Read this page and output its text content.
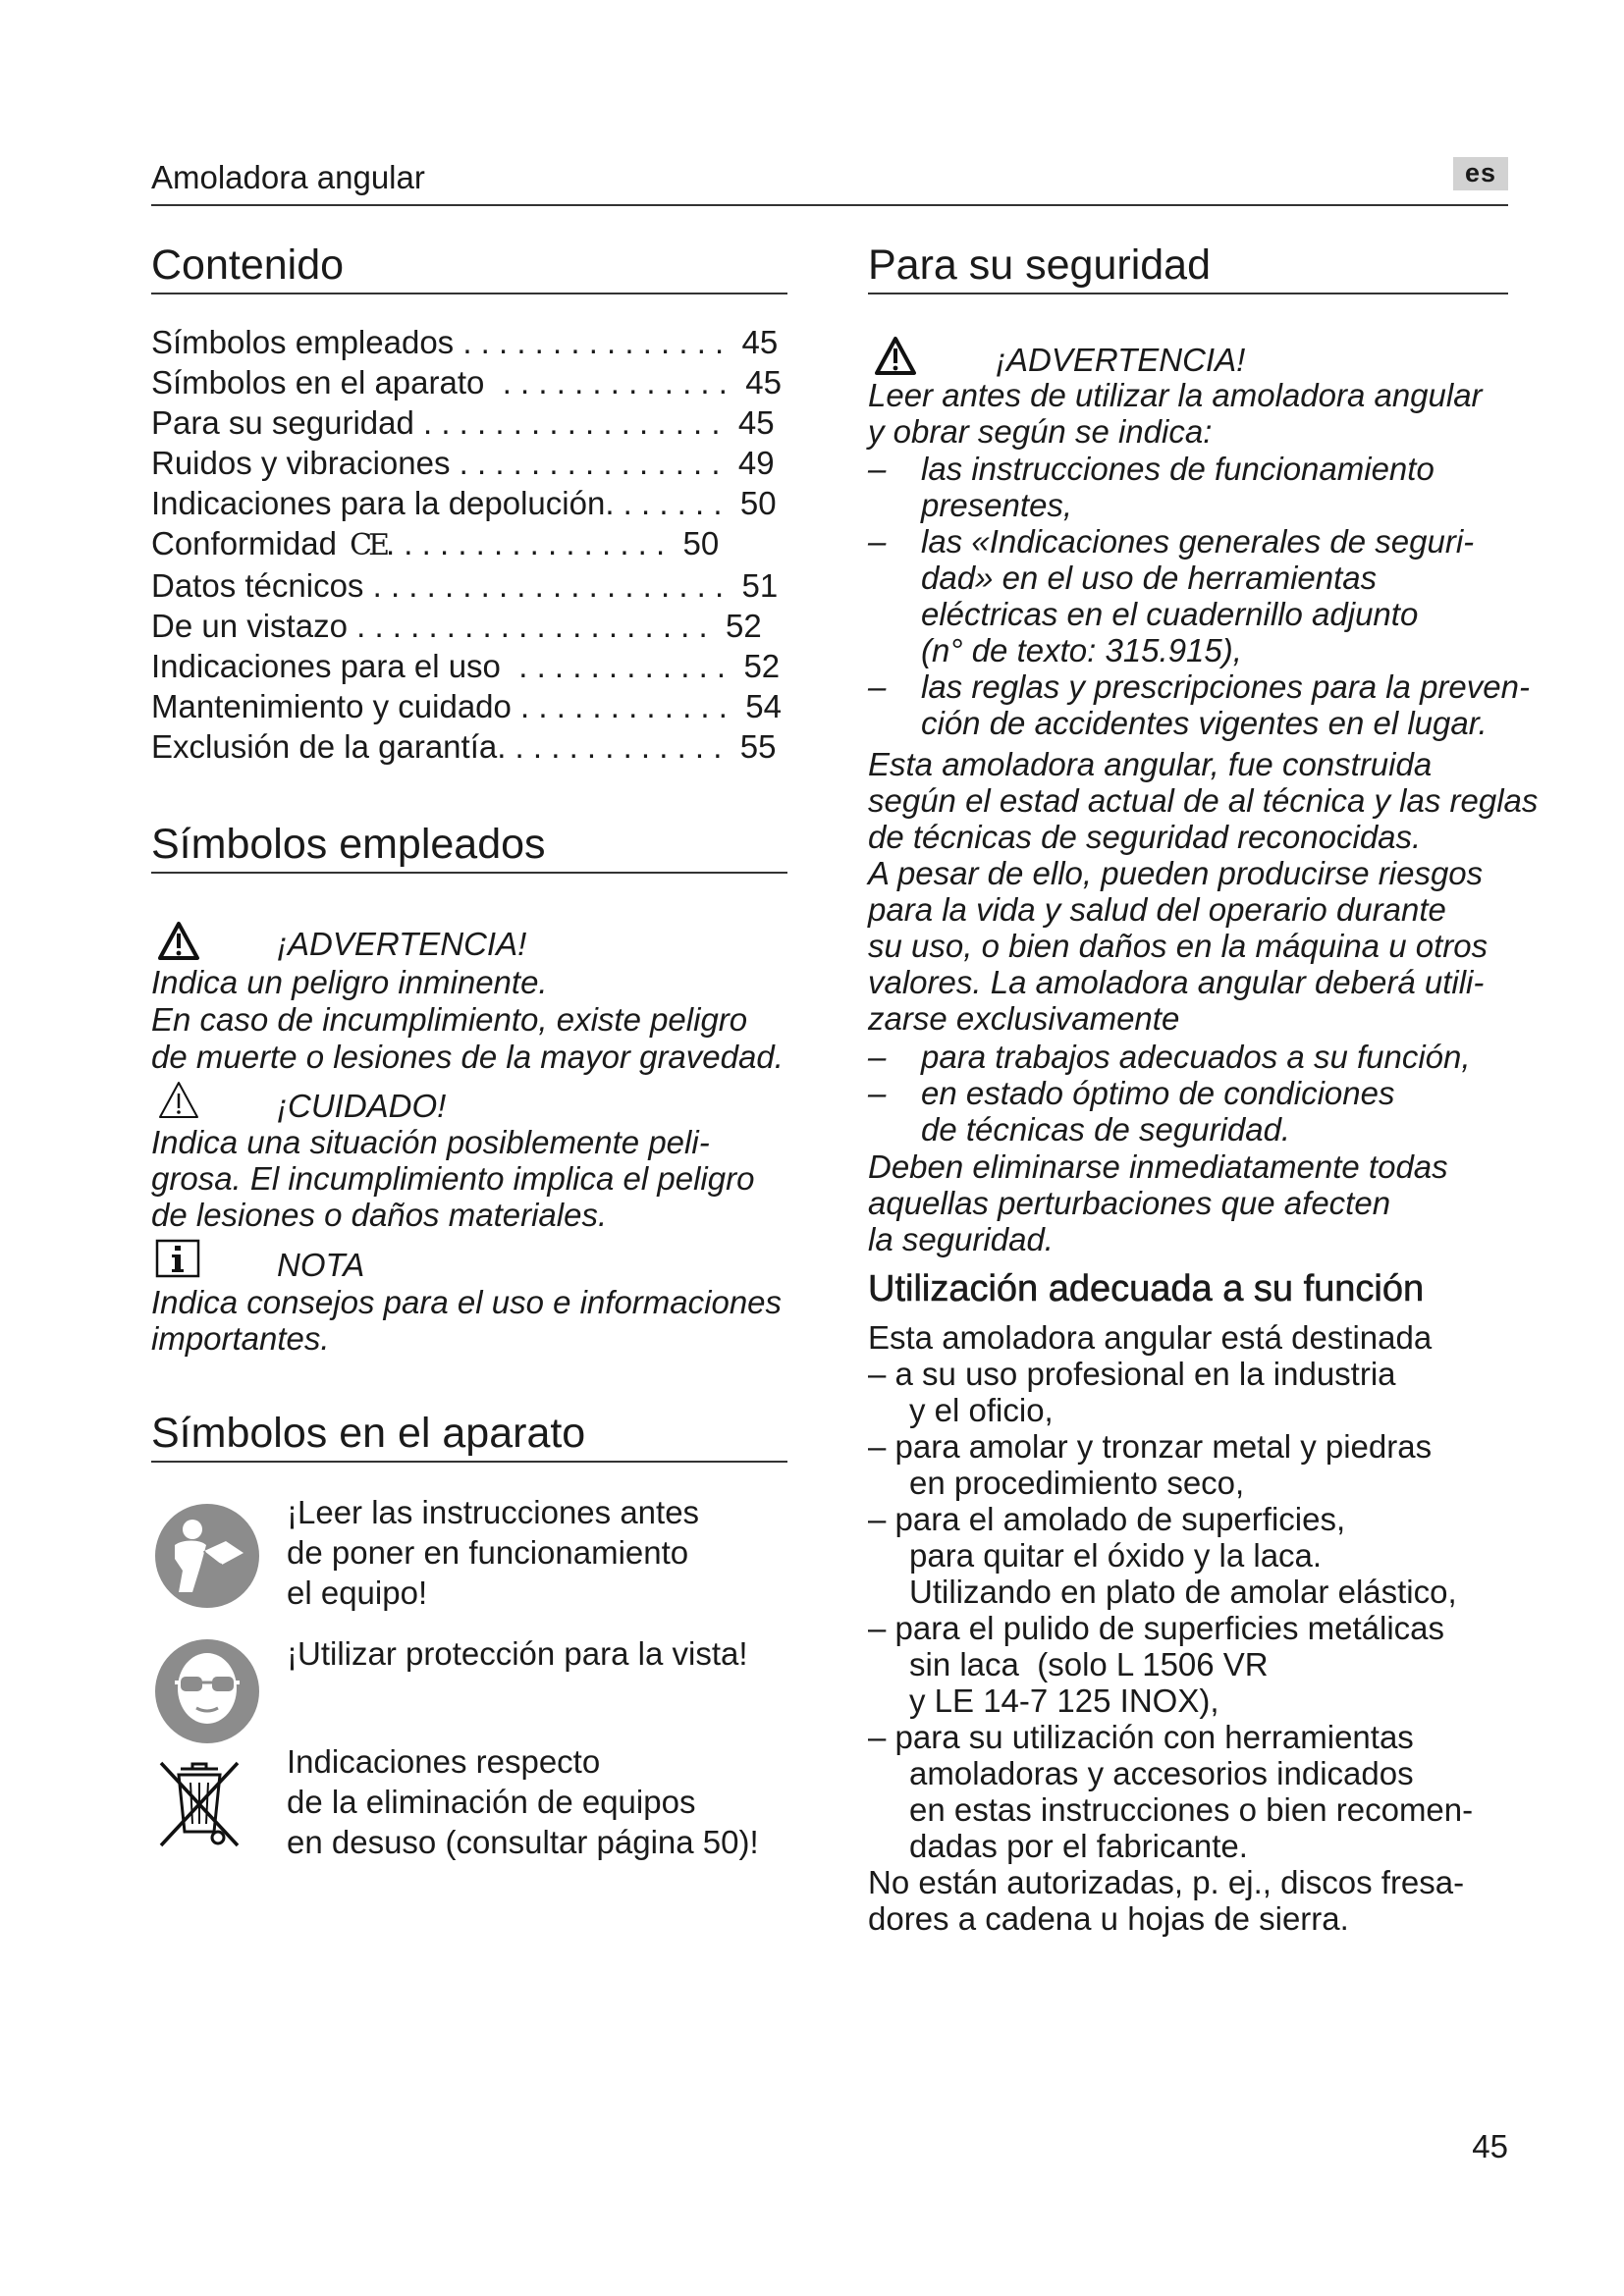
Amoladora angular	es
Contenido
Símbolos empleados . . . . . . . . . . . . . . .  45
Símbolos en el aparato  . . . . . . . . . . . . .  45
Para su seguridad . . . . . . . . . . . . . . . . .  45
Ruidos y vibraciones . . . . . . . . . . . . . . .  49
Indicaciones para la depolución. . . . . . .  50
Conformidad CE. . . . . . . . . . . . . . . .  50
Datos técnicos . . . . . . . . . . . . . . . . . . . .  51
De un vistazo . . . . . . . . . . . . . . . . . . . .  52
Indicaciones para el uso  . . . . . . . . . . . .  52
Mantenimiento y cuidado . . . . . . . . . . . .  54
Exclusión de la garantía. . . . . . . . . . . . .  55
Símbolos empleados
¡ADVERTENCIA!
Indica un peligro inminente.
En caso de incumplimiento, existe peligro
de muerte o lesiones de la mayor gravedad.
¡CUIDADO!
Indica una situación posiblemente peli-
grosa. El incumplimiento implica el peligro
de lesiones o daños materiales.
NOTA
Indica consejos para el uso e informaciones
importantes.
Símbolos en el aparato
¡Leer las instrucciones antes
de poner en funcionamiento
el equipo!
¡Utilizar protección para la vista!
Indicaciones respecto
de la eliminación de equipos
en desuso (consultar página 50)!
Para su seguridad
¡ADVERTENCIA!
Leer antes de utilizar la amoladora angular
y obrar según se indica:
– las instrucciones de funcionamiento
presentes,
– las «Indicaciones generales de seguri-
dad» en el uso de herramientas
eléctricas en el cuadernillo adjunto
(n° de texto: 315.915),
– las reglas y prescripciones para la preven-
ción de accidentes vigentes en el lugar.
Esta amoladora angular, fue construida
según el estad actual de al técnica y las reglas
de técnicas de seguridad reconocidas.
A pesar de ello, pueden producirse riesgos
para la vida y salud del operario durante
su uso, o bien daños en la máquina u otros
valores. La amoladora angular deberá utili-
zarse exclusivamente
– para trabajos adecuados a su función,
– en estado óptimo de condiciones
de técnicas de seguridad.
Deben eliminarse inmediatamente todas
aquellas perturbaciones que afecten
la seguridad.
Utilización adecuada a su función
Esta amoladora angular está destinada
– a su uso profesional en la industria
y el oficio,
– para amolar y tronzar metal y piedras
en procedimiento seco,
– para el amolado de superficies,
para quitar el óxido y la laca.
Utilizando en plato de amolar elástico,
– para el pulido de superficies metálicas
sin laca  (solo L 1506 VR
y LE 14-7 125 INOX),
– para su utilización con herramientas
amoladoras y accesorios indicados
en estas instrucciones o bien recomen-
dadas por el fabricante.
No están autorizadas, p. ej., discos fresa-
dores a cadena u hojas de sierra.
45
